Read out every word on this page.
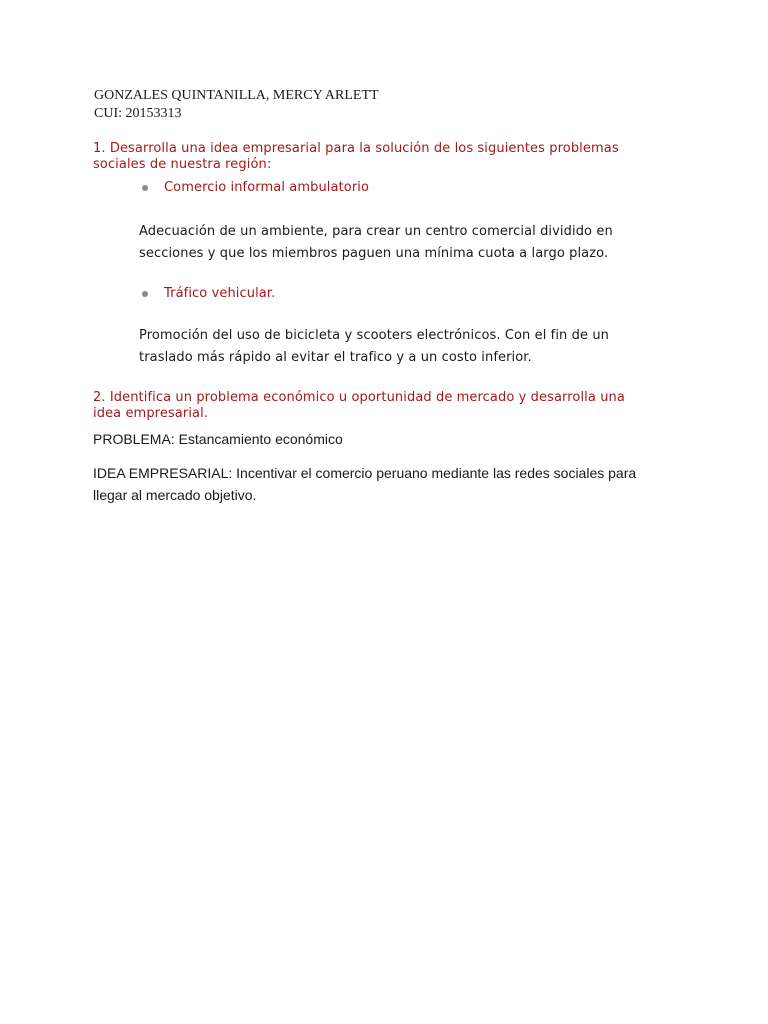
GONZALES QUINTANILLA, MERCY ARLETT
CUI: 20153313
1. Desarrolla una idea empresarial para la solución de los siguientes problemas
sociales de nuestra región:
Comercio informal ambulatorio
Adecuación de un ambiente, para crear un centro comercial dividido en
secciones y que los miembros paguen una mínima cuota a largo plazo.
Tráfico vehicular.
Promoción del uso de bicicleta y scooters electrónicos. Con el fin de un
traslado más rápido al evitar el trafico y a un costo inferior.
2. Identifica un problema económico u oportunidad de mercado y desarrolla una
idea empresarial.
PROBLEMA: Estancamiento económico
IDEA EMPRESARIAL: Incentivar el comercio peruano mediante las redes sociales para
llegar al mercado objetivo.
